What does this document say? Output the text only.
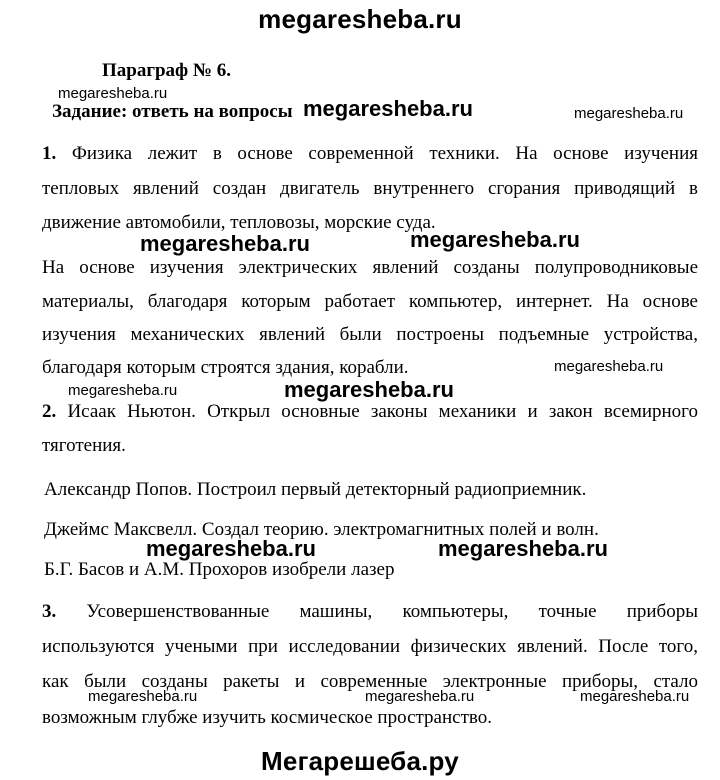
megaresheba.ru
Параграф № 6.
megaresheba.ru
Задание: ответь на вопросы megaresheba.ru	megaresheba.ru
1. Физика лежит в основе современной техники. На основе изучения
тепловых явлений создан двигатель внутреннего сгорания приводящий в
движение автомобили, тепловозы, морские суда.
megaresheba.ru	megaresheba.ru
На основе изучения электрических явлений созданы полупроводниковые
материалы, благодаря которым работает компьютер, интернет. На основе
изучения механических явлений были построены подъемные устройства,
благодаря которым строятся здания, корабли.	megaresheba.ru
megaresheba.ru	megaresheba.ru
2. Исаак Ньютон. Открыл основные законы механики и закон всемирного
тяготения.
Александр Попов. Построил первый детекторный радиоприемник.
Джеймс Максвелл. Создал теорию. электромагнитных полей и волн.
megaresheba.ru	megaresheba.ru
Б.Г. Басов и А.М. Прохоров изобрели лазер
3. Усовершенствованные машины, компьютеры, точные приборы
используются учеными при исследовании физических явлений. После того,
как были созданы ракеты и современные электронные приборы, стало
megaresheba.ru	megaresheba.ru	megaresheba.ru
возможным глубже изучить космическое пространство.
Мегарешеба.ру
